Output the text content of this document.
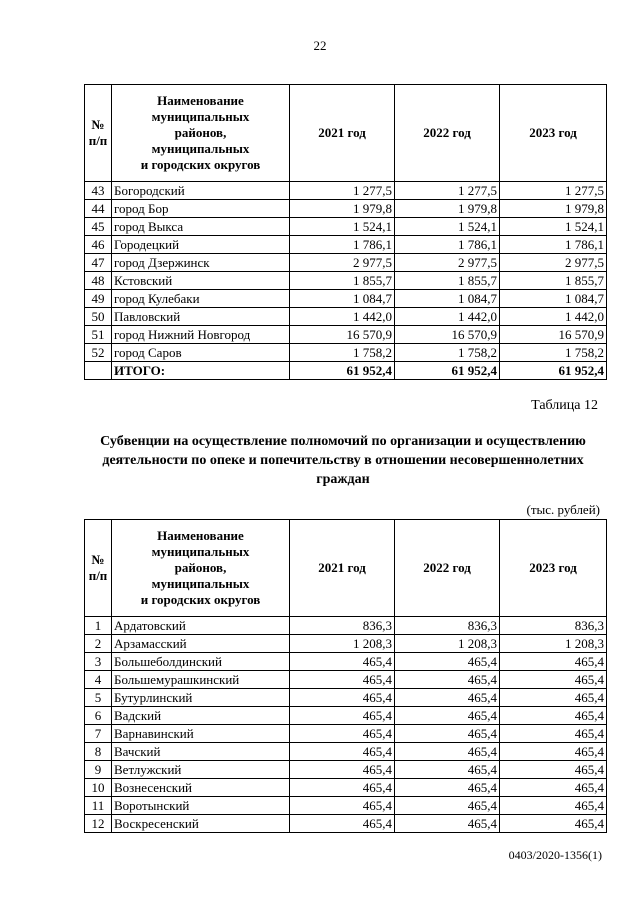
22
№
п/п	Наименование
муниципальных
районов,
муниципальных
и городских округов	2021 год	2022 год	2023 год
43	Богородский	1 277,5	1 277,5	1 277,5
44	город Бор	1 979,8	1 979,8	1 979,8
45	город Выкса	1 524,1	1 524,1	1 524,1
46	Городецкий	1 786,1	1 786,1	1 786,1
47	город Дзержинск	2 977,5	2 977,5	2 977,5
48	Кстовский	1 855,7	1 855,7	1 855,7
49	город Кулебаки	1 084,7	1 084,7	1 084,7
50	Павловский	1 442,0	1 442,0	1 442,0
51	город Нижний Новгород	16 570,9	16 570,9	16 570,9
52	город Саров	1 758,2	1 758,2	1 758,2
	ИТОГО:	61 952,4	61 952,4	61 952,4
Таблица 12
Субвенции на осуществление полномочий по организации и осуществлению деятельности по опеке и попечительству в отношении несовершеннолетних граждан
(тыс. рублей)
№
п/п	Наименование
муниципальных
районов,
муниципальных
и городских округов	2021 год	2022 год	2023 год
1	Ардатовский	836,3	836,3	836,3
2	Арзамасский	1 208,3	1 208,3	1 208,3
3	Большеболдинский	465,4	465,4	465,4
4	Большемурашкинский	465,4	465,4	465,4
5	Бутурлинский	465,4	465,4	465,4
6	Вадский	465,4	465,4	465,4
7	Варнавинский	465,4	465,4	465,4
8	Вачский	465,4	465,4	465,4
9	Ветлужский	465,4	465,4	465,4
10	Вознесенский	465,4	465,4	465,4
11	Воротынский	465,4	465,4	465,4
12	Воскресенский	465,4	465,4	465,4
0403/2020-1356(1)
